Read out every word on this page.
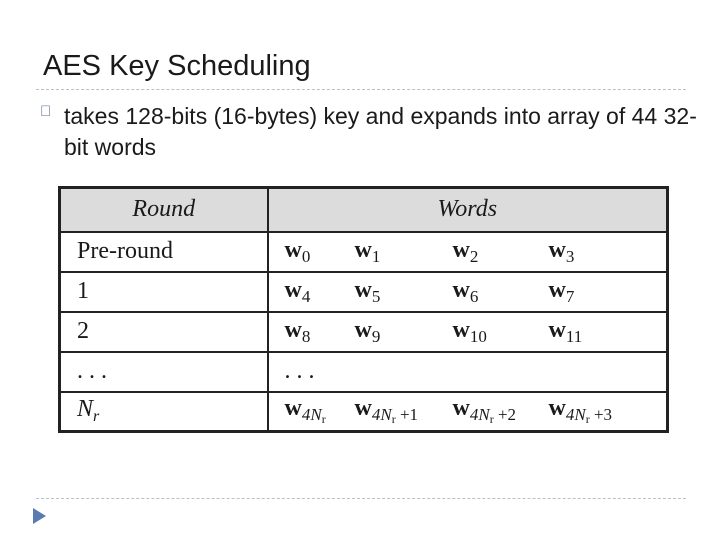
AES Key Scheduling
takes 128-bits (16-bytes) key and expands into array of 44 32-bit words
Round	Words
Pre-round	$w_0$ $w_1$ $w_2$ $w_3$

1	$w_4$ $w_5$ $w_6$ $w_7$

2	$w_8$ $w_9$ $w_{10}$ $w_{11}$

. . .	. . .
$N_r$	$w_{4Nr}$ $w_{4Nr +1}$ $w_{4Nr +2}$ $w_{4Nr +3}$
